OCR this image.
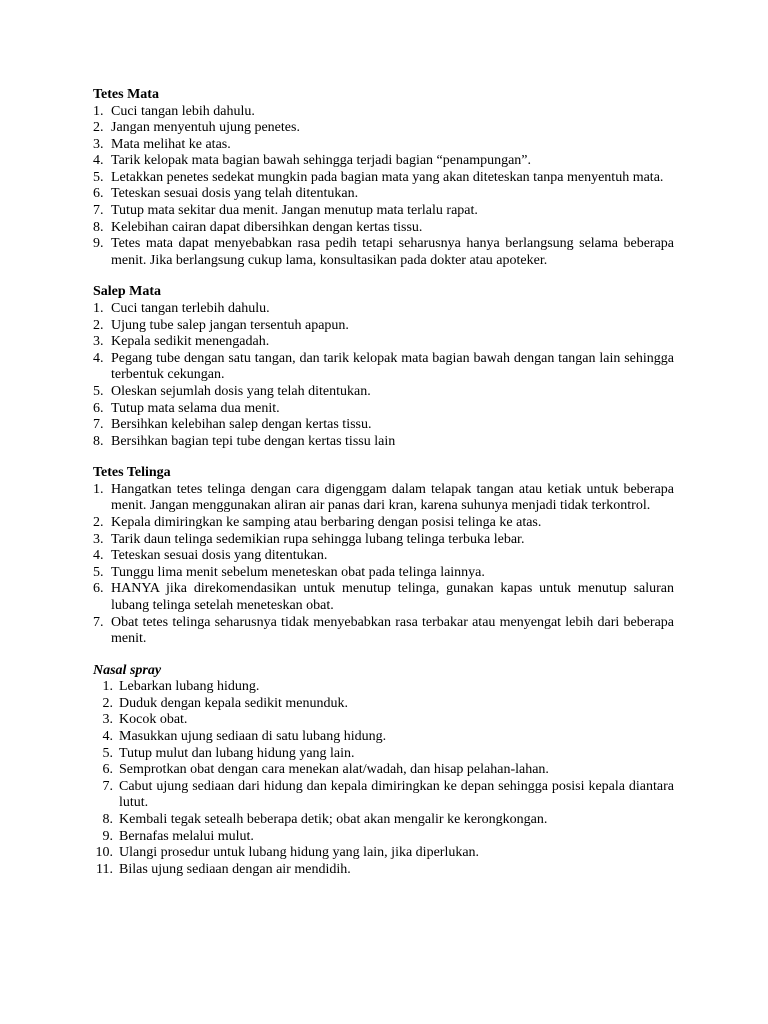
Tetes Mata

1. Cuci tangan lebih dahulu.
2. Jangan menyentuh ujung penetes.
3. Mata melihat ke atas.
4. Tarik kelopak mata bagian bawah sehingga terjadi bagian “penampungan”.
5. Letakkan penetes sedekat mungkin pada bagian mata yang akan diteteskan tanpa menyentuh mata.
6. Teteskan sesuai dosis yang telah ditentukan.
7. Tutup mata sekitar dua menit. Jangan menutup mata terlalu rapat.
8. Kelebihan cairan dapat dibersihkan dengan kertas tissu.
9. Tetes mata dapat menyebabkan rasa pedih tetapi seharusnya hanya berlangsung selama beberapa menit. Jika berlangsung cukup lama, konsultasikan pada dokter atau apoteker.

Salep Mata

1. Cuci tangan terlebih dahulu.
2. Ujung tube salep jangan tersentuh apapun.
3. Kepala sedikit menengadah.
4. Pegang tube dengan satu tangan, dan tarik kelopak mata bagian bawah dengan tangan lain sehingga terbentuk cekungan.
5. Oleskan sejumlah dosis yang telah ditentukan.
6. Tutup mata selama dua menit.
7. Bersihkan kelebihan salep dengan kertas tissu.
8. Bersihkan bagian tepi tube dengan kertas tissu lain

Tetes Telinga

1. Hangatkan tetes telinga dengan cara digenggam dalam telapak tangan atau ketiak untuk beberapa menit. Jangan menggunakan aliran air panas dari kran, karena suhunya menjadi tidak terkontrol.
2. Kepala dimiringkan ke samping atau berbaring dengan posisi telinga ke atas.
3. Tarik daun telinga sedemikian rupa sehingga lubang telinga terbuka lebar.
4. Teteskan sesuai dosis yang ditentukan.
5. Tunggu lima menit sebelum meneteskan obat pada telinga lainnya.
6. HANYA jika direkomendasikan untuk menutup telinga, gunakan kapas untuk menutup saluran lubang telinga setelah meneteskan obat.
7. Obat tetes telinga seharusnya tidak menyebabkan rasa terbakar atau menyengat lebih dari beberapa menit.

Nasal spray

1. Lebarkan lubang hidung.
2. Duduk dengan kepala sedikit menunduk.
3. Kocok obat.
4. Masukkan ujung sediaan di satu lubang hidung.
5. Tutup mulut dan lubang hidung yang lain.
6. Semprotkan obat dengan cara menekan alat/wadah, dan hisap pelahan-lahan.
7. Cabut ujung sediaan dari hidung dan kepala dimiringkan ke depan sehingga posisi kepala diantara lutut.
8. Kembali tegak setealh beberapa detik; obat akan mengalir ke kerongkongan.
9. Bernafas melalui mulut.
10. Ulangi prosedur untuk lubang hidung yang lain, jika diperlukan.
11. Bilas ujung sediaan dengan air mendidih.
